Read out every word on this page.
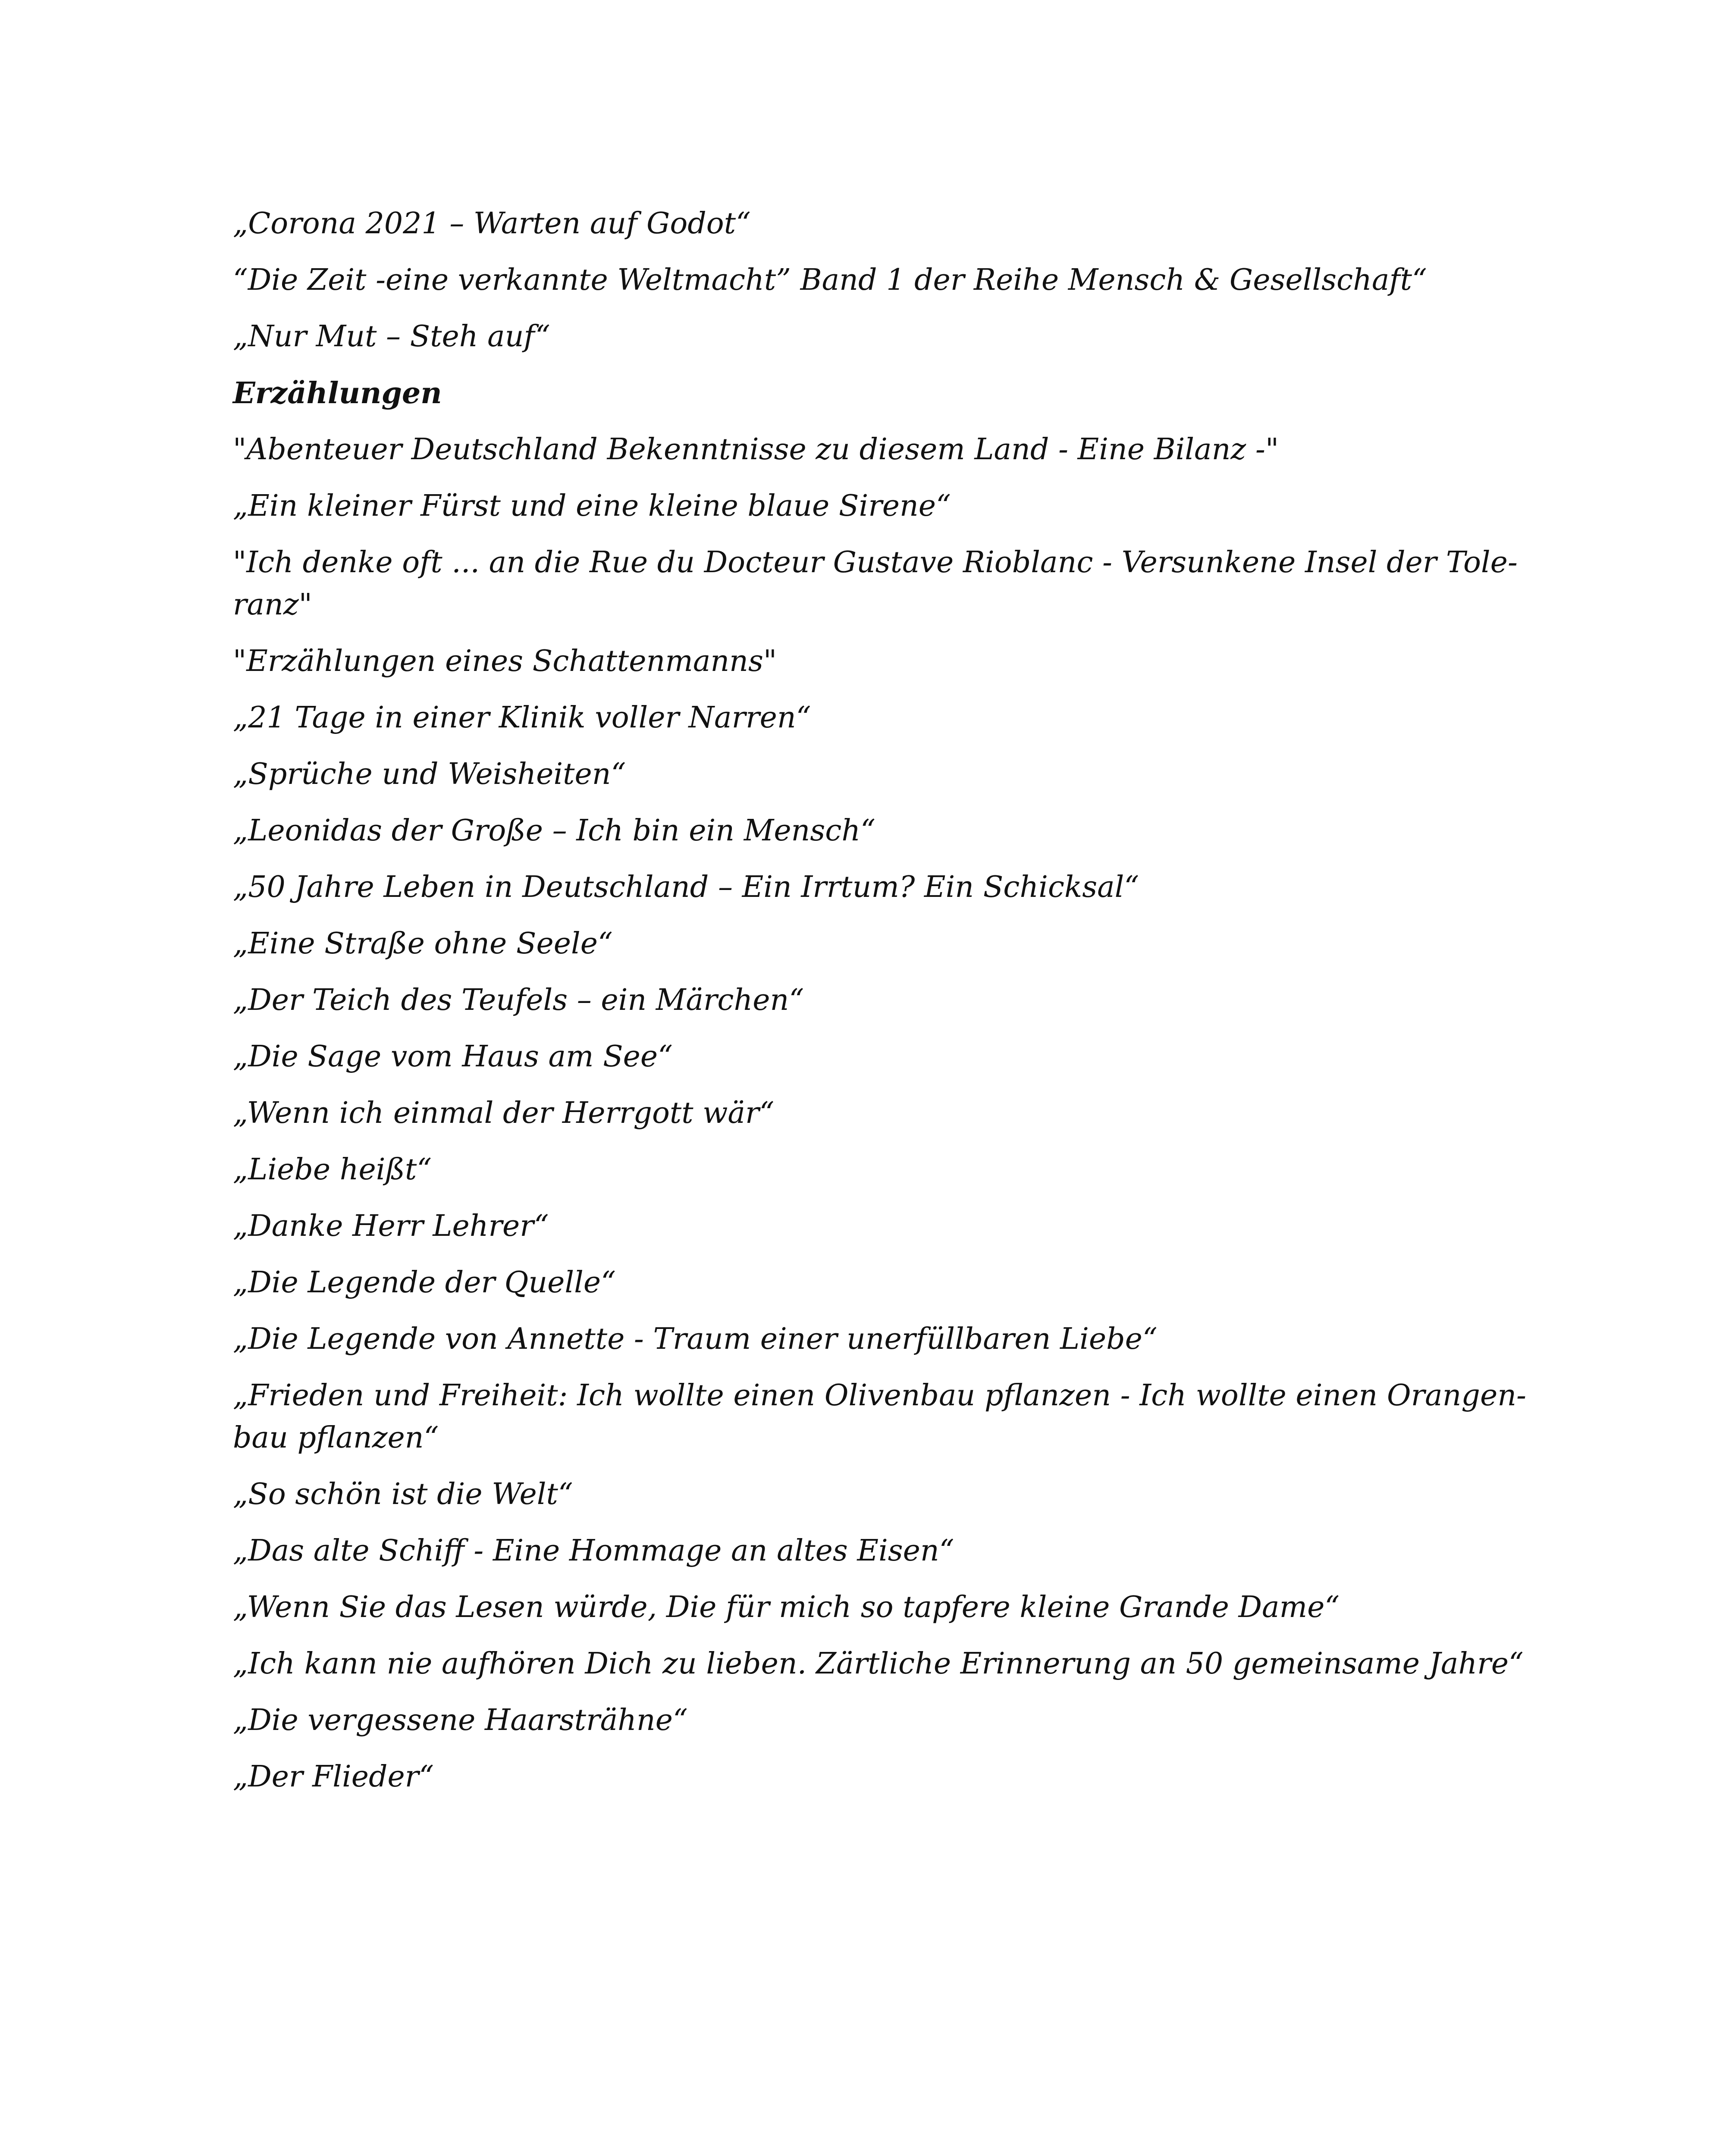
„Corona 2021 – Warten auf Godot“
“Die Zeit -eine verkannte Weltmacht” Band 1 der Reihe Mensch & Gesellschaft“
„Nur Mut – Steh auf“
Erzählungen
"Abenteuer Deutschland Bekenntnisse zu diesem Land - Eine Bilanz -"
„Ein kleiner Fürst und eine kleine blaue Sirene“
"Ich denke oft ... an die Rue du Docteur Gustave Rioblanc - Versunkene Insel der Tole-
ranz"
"Erzählungen eines Schattenmanns"
„21 Tage in einer Klinik voller Narren“
„Sprüche und Weisheiten“
„Leonidas der Große – Ich bin ein Mensch“
„50 Jahre Leben in Deutschland – Ein Irrtum? Ein Schicksal“
„Eine Straße ohne Seele“
„Der Teich des Teufels – ein Märchen“
„Die Sage vom Haus am See“
„Wenn ich einmal der Herrgott wär“
„Liebe heißt“
„Danke Herr Lehrer“
„Die Legende der Quelle“
„Die Legende von Annette - Traum einer unerfüllbaren Liebe“
„Frieden und Freiheit: Ich wollte einen Olivenbau pflanzen - Ich wollte einen Orangen-
bau pflanzen“
„So schön ist die Welt“
„Das alte Schiff - Eine Hommage an altes Eisen“
„Wenn Sie das Lesen würde, Die für mich so tapfere kleine Grande Dame“
„Ich kann nie aufhören Dich zu lieben. Zärtliche Erinnerung an 50 gemeinsame Jahre“
„Die vergessene Haarsträhne“
„Der Flieder“
